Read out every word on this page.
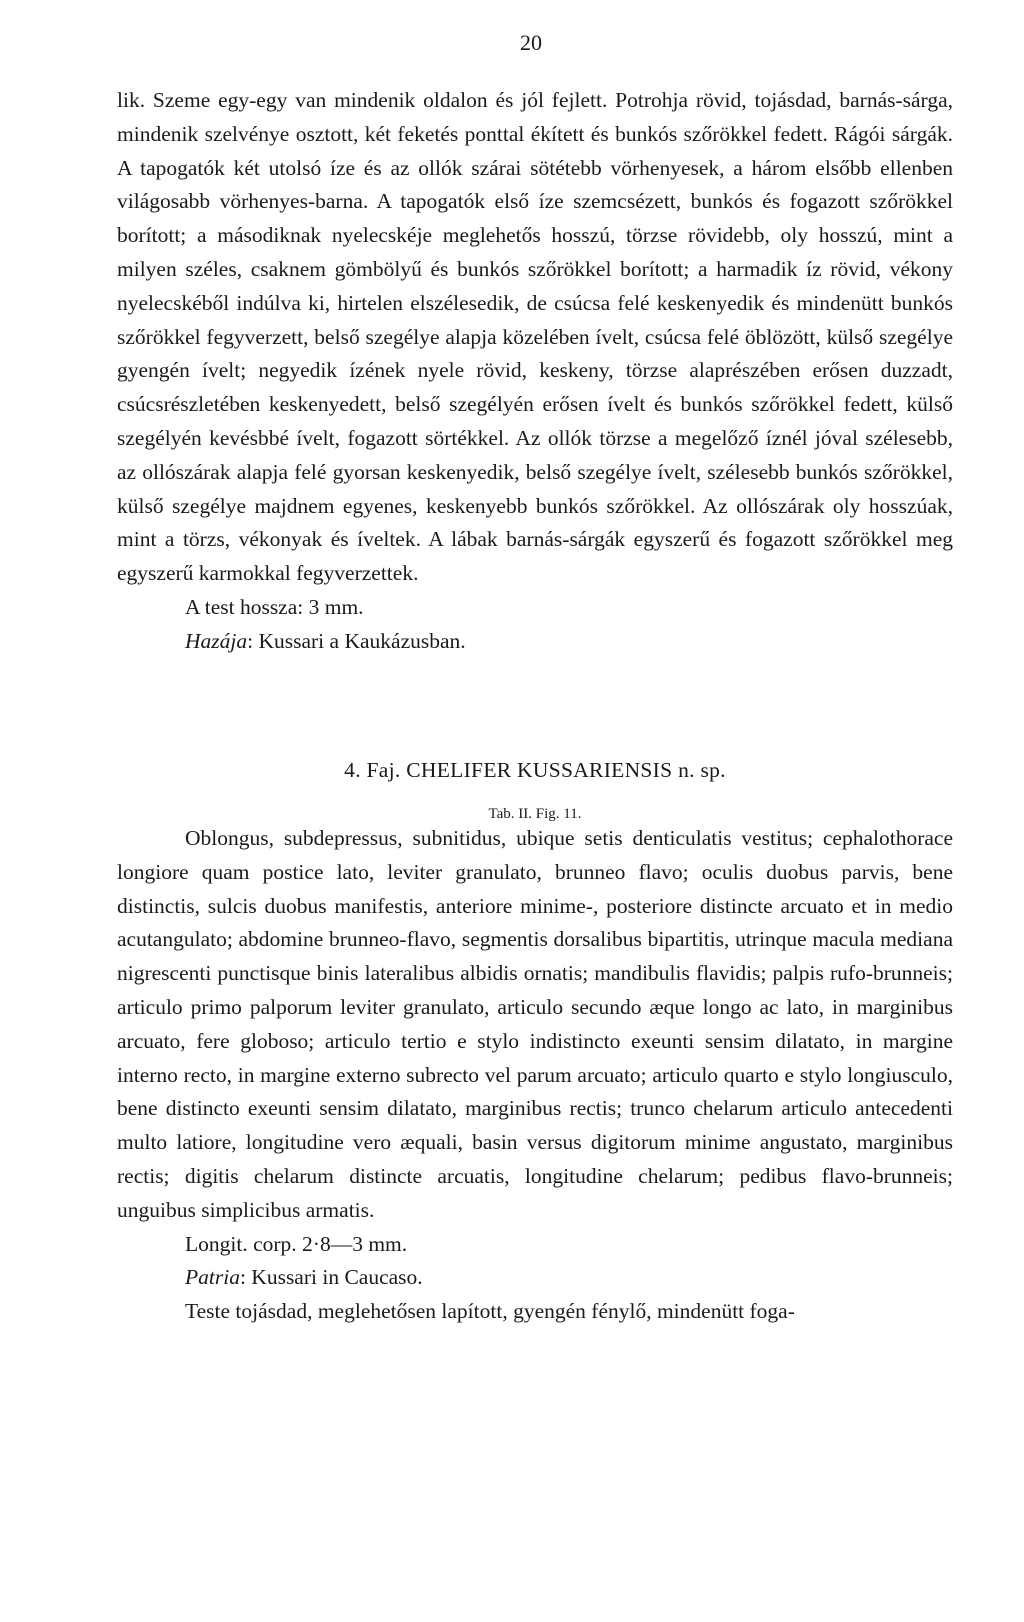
20

lik. Szeme egy-egy van mindenik oldalon és jól fejlett. Potrohja rövid, tojásdad, barnás-sárga, mindenik szelvénye osztott, két feketés ponttal ékített és bunkós szőrökkel fedett. Rágói sárgák. A tapogatók két utolsó íze és az ollók szárai sötétebb vörhenyesek, a három elsőbb ellenben világosabb vörhenyes-barna. A tapogatók első íze szemcsézett, bunkós és fogazott szőrökkel borított; a másodiknak nyelecskéje meglehetős hosszú, törzse rövidebb, oly hosszú, mint a milyen széles, csaknem gömbölyű és bunkós szőrökkel borított; a harmadik íz rövid, vékony nyelecskéből indúlva ki, hirtelen elszélesedik, de csúcsa felé keskenyedik és mindenütt bunkós szőrökkel fegyverzett, belső szegélye alapja közelében ívelt, csúcsa felé öblözött, külső szegélye gyengén ívelt; negyedik ízének nyele rövid, keskeny, törzse alaprészében erősen duzzadt, csúcsrészletében keskenyedett, belső szegélyén erősen ívelt és bunkós szőrökkel fedett, külső szegélyén kevésbbé ívelt, fogazott sörtékkel. Az ollók törzse a megelőző íznél jóval szélesebb, az ollószárak alapja felé gyorsan keskenyedik, belső szegélye ívelt, szélesebb bunkós szőrökkel, külső szegélye majdnem egyenes, keskenyebb bunkós szőrökkel. Az ollószárak oly hosszúak, mint a törzs, vékonyak és íveltek. A lábak barnás-sárgák egyszerű és fogazott szőrökkel meg egyszerű karmokkal fegyverzettek.

A test hossza: 3 mm.

Hazája: Kussari a Kaukázusban.

4. Faj. CHELIFER KUSSARIENSIS n. sp.
Tab. II. Fig. 11.

Oblongus, subdepressus, subnitidus, ubique setis denticulatis vestitus; cephalothorace longiore quam postice lato, leviter granulato, brunneo flavo; oculis duobus parvis, bene distinctis, sulcis duobus manifestis, anteriore minime-, posteriore distincte arcuato et in medio acutangulato; abdomine brunneo-flavo, segmentis dorsalibus bipartitis, utrinque macula mediana nigrescenti punctisque binis lateralibus albidis ornatis; mandibulis flavidis; palpis rufo-brunneis; articulo primo palporum leviter granulato, articulo secundo æque longo ac lato, in marginibus arcuato, fere globoso; articulo tertio e stylo indistincto exeunti sensim dilatato, in margine interno recto, in margine externo subrecto vel parum arcuato; articulo quarto e stylo longiusculo, bene distincto exeunti sensim dilatato, marginibus rectis; trunco chelarum articulo antecedenti multo latiore, longitudine vero æquali, basin versus digitorum minime angustato, marginibus rectis; digitis chelarum distincte arcuatis, longitudine chelarum; pedibus flavo-brunneis; unguibus simplicibus armatis.

Longit. corp. 2·8—3 mm.

Patria: Kussari in Caucaso.

Teste tojásdad, meglehetősen lapított, gyengén fénylő, mindenütt foga-
